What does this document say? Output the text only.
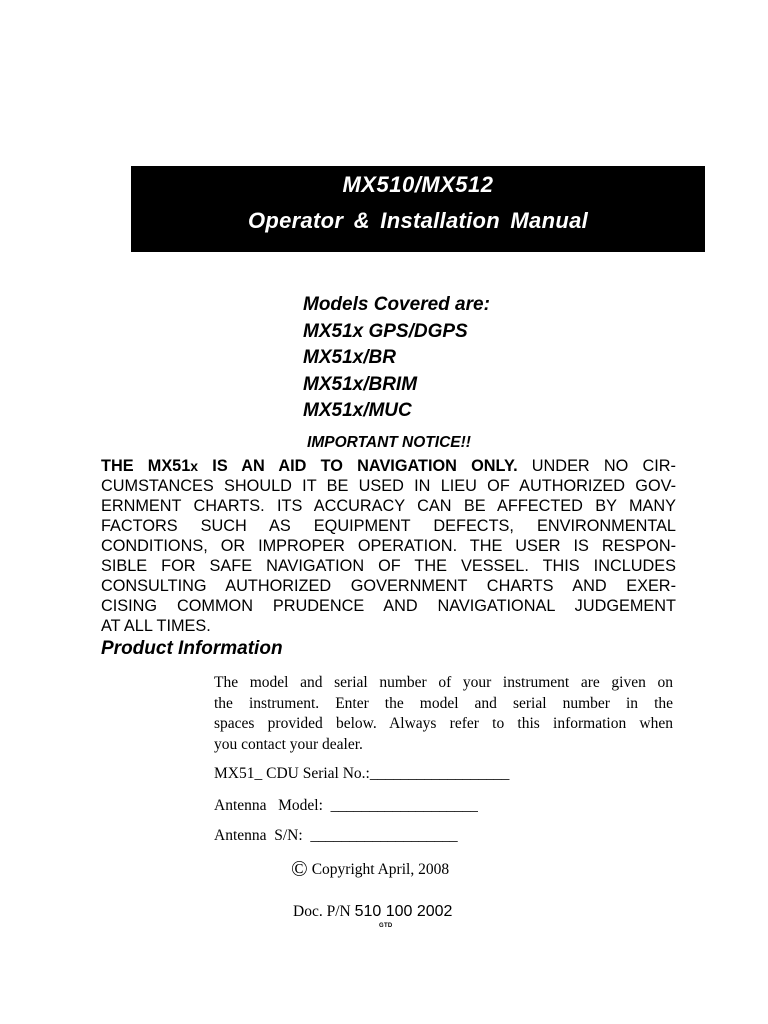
MX510/MX512
Operator & Installation Manual
Models Covered are:
MX51x GPS/DGPS
MX51x/BR
MX51x/BRIM
MX51x/MUC
IMPORTANT NOTICE!!
THE MX51x IS AN AID TO NAVIGATION ONLY. UNDER NO CIR-
CUMSTANCES SHOULD IT BE USED IN LIEU OF AUTHORIZED GOV-
ERNMENT CHARTS. ITS ACCURACY CAN BE AFFECTED BY MANY
FACTORS SUCH AS EQUIPMENT DEFECTS, ENVIRONMENTAL
CONDITIONS, OR IMPROPER OPERATION. THE USER IS RESPON-
SIBLE FOR SAFE NAVIGATION OF THE VESSEL. THIS INCLUDES
CONSULTING AUTHORIZED GOVERNMENT CHARTS AND EXER-
CISING COMMON PRUDENCE AND NAVIGATIONAL JUDGEMENT
AT ALL TIMES.
Product Information
The model and serial number of your instrument are given on
the instrument. Enter the model and serial number in the
spaces provided below. Always refer to this information when
you contact your dealer.
MX51_ CDU Serial No.:__________________
Antenna   Model:  ___________________
Antenna  S/N:  ___________________
© Copyright April, 2008
Doc. P/N 510 100 2002
GTD
